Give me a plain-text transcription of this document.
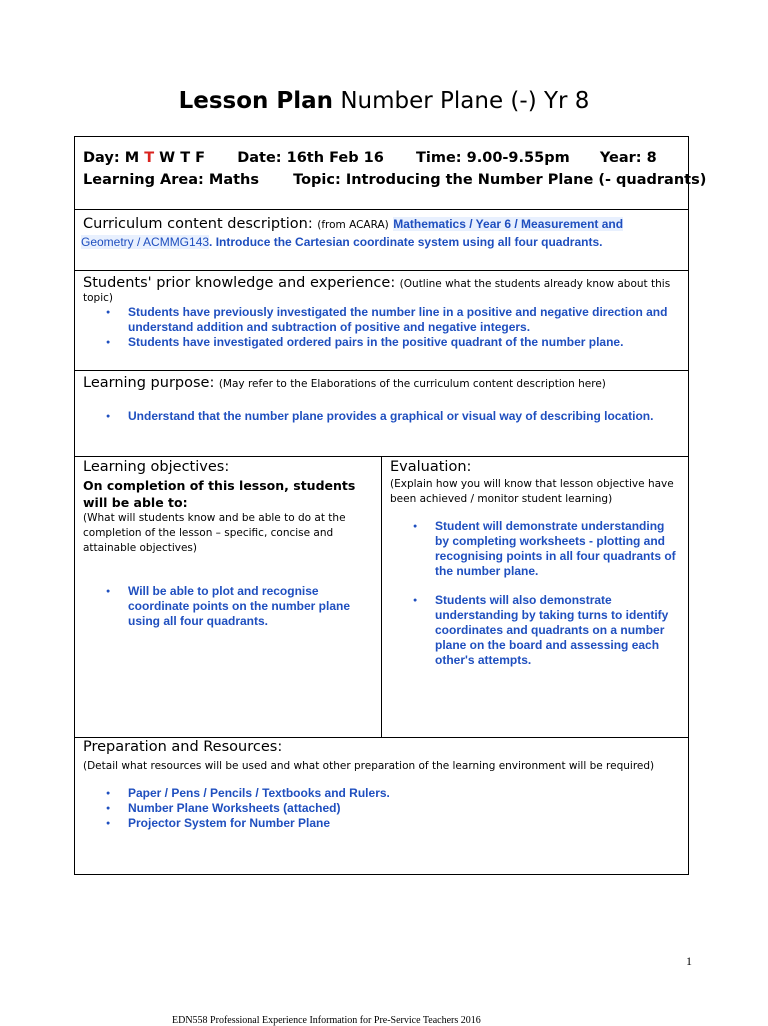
Lesson Plan Number Plane (-) Yr 8
Day: M T W T F Date: 16th Feb 16 Time: 9.00-9.55pm Year: 8
Learning Area: Maths Topic: Introducing the Number Plane (- quadrants)
Curriculum content description: (from ACARA) Mathematics / Year 6 / Measurement and
Geometry / ACMMG143. Introduce the Cartesian coordinate system using all four quadrants.
Students' prior knowledge and experience: (Outline what the students already know about this
topic)
● Students have previously investigated the number line in a positive and negative direction and understand addition and subtraction of positive and negative integers.
● Students have investigated ordered pairs in the positive quadrant of the number plane.
Learning purpose: (May refer to the Elaborations of the curriculum content description here)
● Understand that the number plane provides a graphical or visual way of describing location.
Learning objectives:
On completion of this lesson, students will be able to:
(What will students know and be able to do at the completion of the lesson – specific, concise and attainable objectives)
● Will be able to plot and recognise coordinate points on the number plane using all four quadrants.
Evaluation:
(Explain how you will know that lesson objective have been achieved / monitor student learning)
● Student will demonstrate understanding by completing worksheets - plotting and recognising points in all four quadrants of the number plane.
● Students will also demonstrate understanding by taking turns to identify coordinates and quadrants on a number plane on the board and assessing each other's attempts.
Preparation and Resources:
(Detail what resources will be used and what other preparation of the learning environment will be required)
● Paper / Pens / Pencils / Textbooks and Rulers.
● Number Plane Worksheets (attached)
● Projector System for Number Plane
1
EDN558 Professional Experience Information for Pre-Service Teachers 2016
